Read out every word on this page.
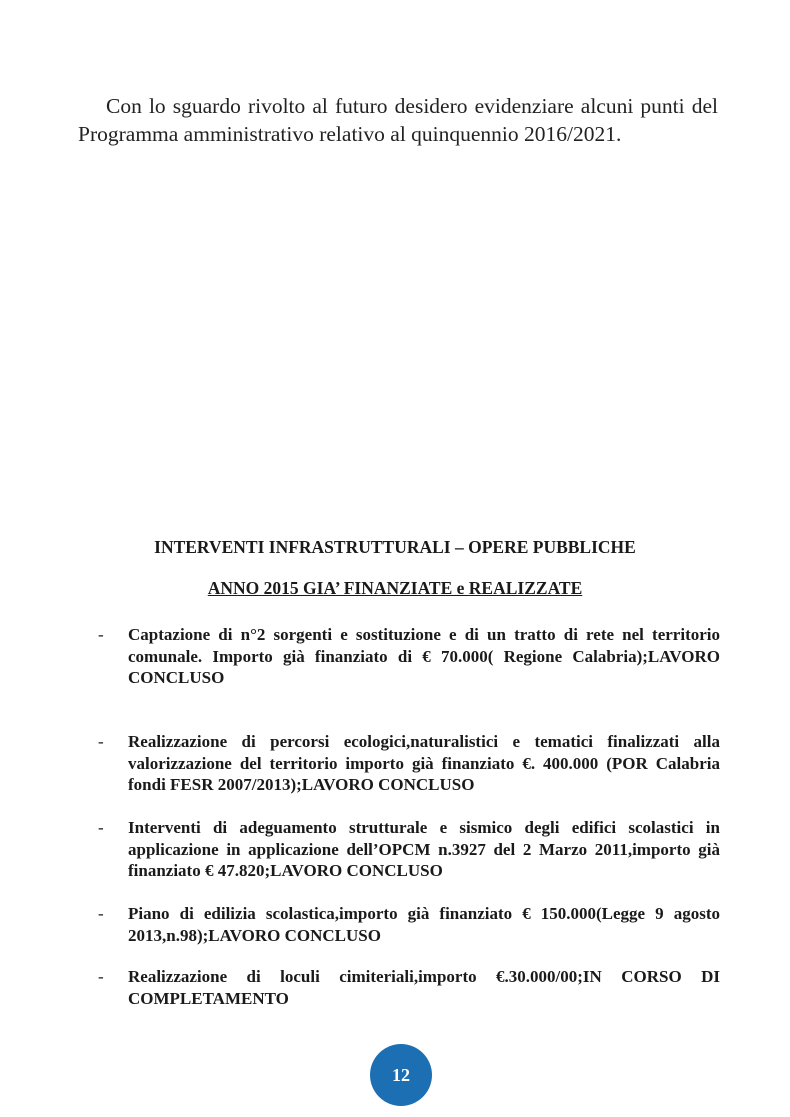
Con lo sguardo rivolto al futuro desidero evidenziare alcuni punti del Programma amministrativo relativo al quinquennio 2016/2021.

INTERVENTI INFRASTRUTTURALI – OPERE PUBBLICHE
ANNO 2015 GIA’ FINANZIATE e REALIZZATE
- Captazione di n°2 sorgenti e sostituzione e di un tratto di rete nel territorio comunale. Importo già finanziato di € 70.000( Regione Calabria);LAVORO CONCLUSO
- Realizzazione di percorsi ecologici,naturalistici e tematici finalizzati alla valorizzazione del territorio importo già finanziato €. 400.000 (POR Calabria fondi FESR 2007/2013);LAVORO CONCLUSO
- Interventi di adeguamento strutturale e sismico degli edifici scolastici in applicazione in applicazione dell’OPCM n.3927 del 2 Marzo 2011,importo già finanziato € 47.820;LAVORO CONCLUSO
- Piano di edilizia scolastica,importo già finanziato € 150.000(Legge 9 agosto 2013,n.98);LAVORO CONCLUSO
- Realizzazione di loculi cimiteriali,importo €.30.000/00;IN CORSO DI COMPLETAMENTO
12
